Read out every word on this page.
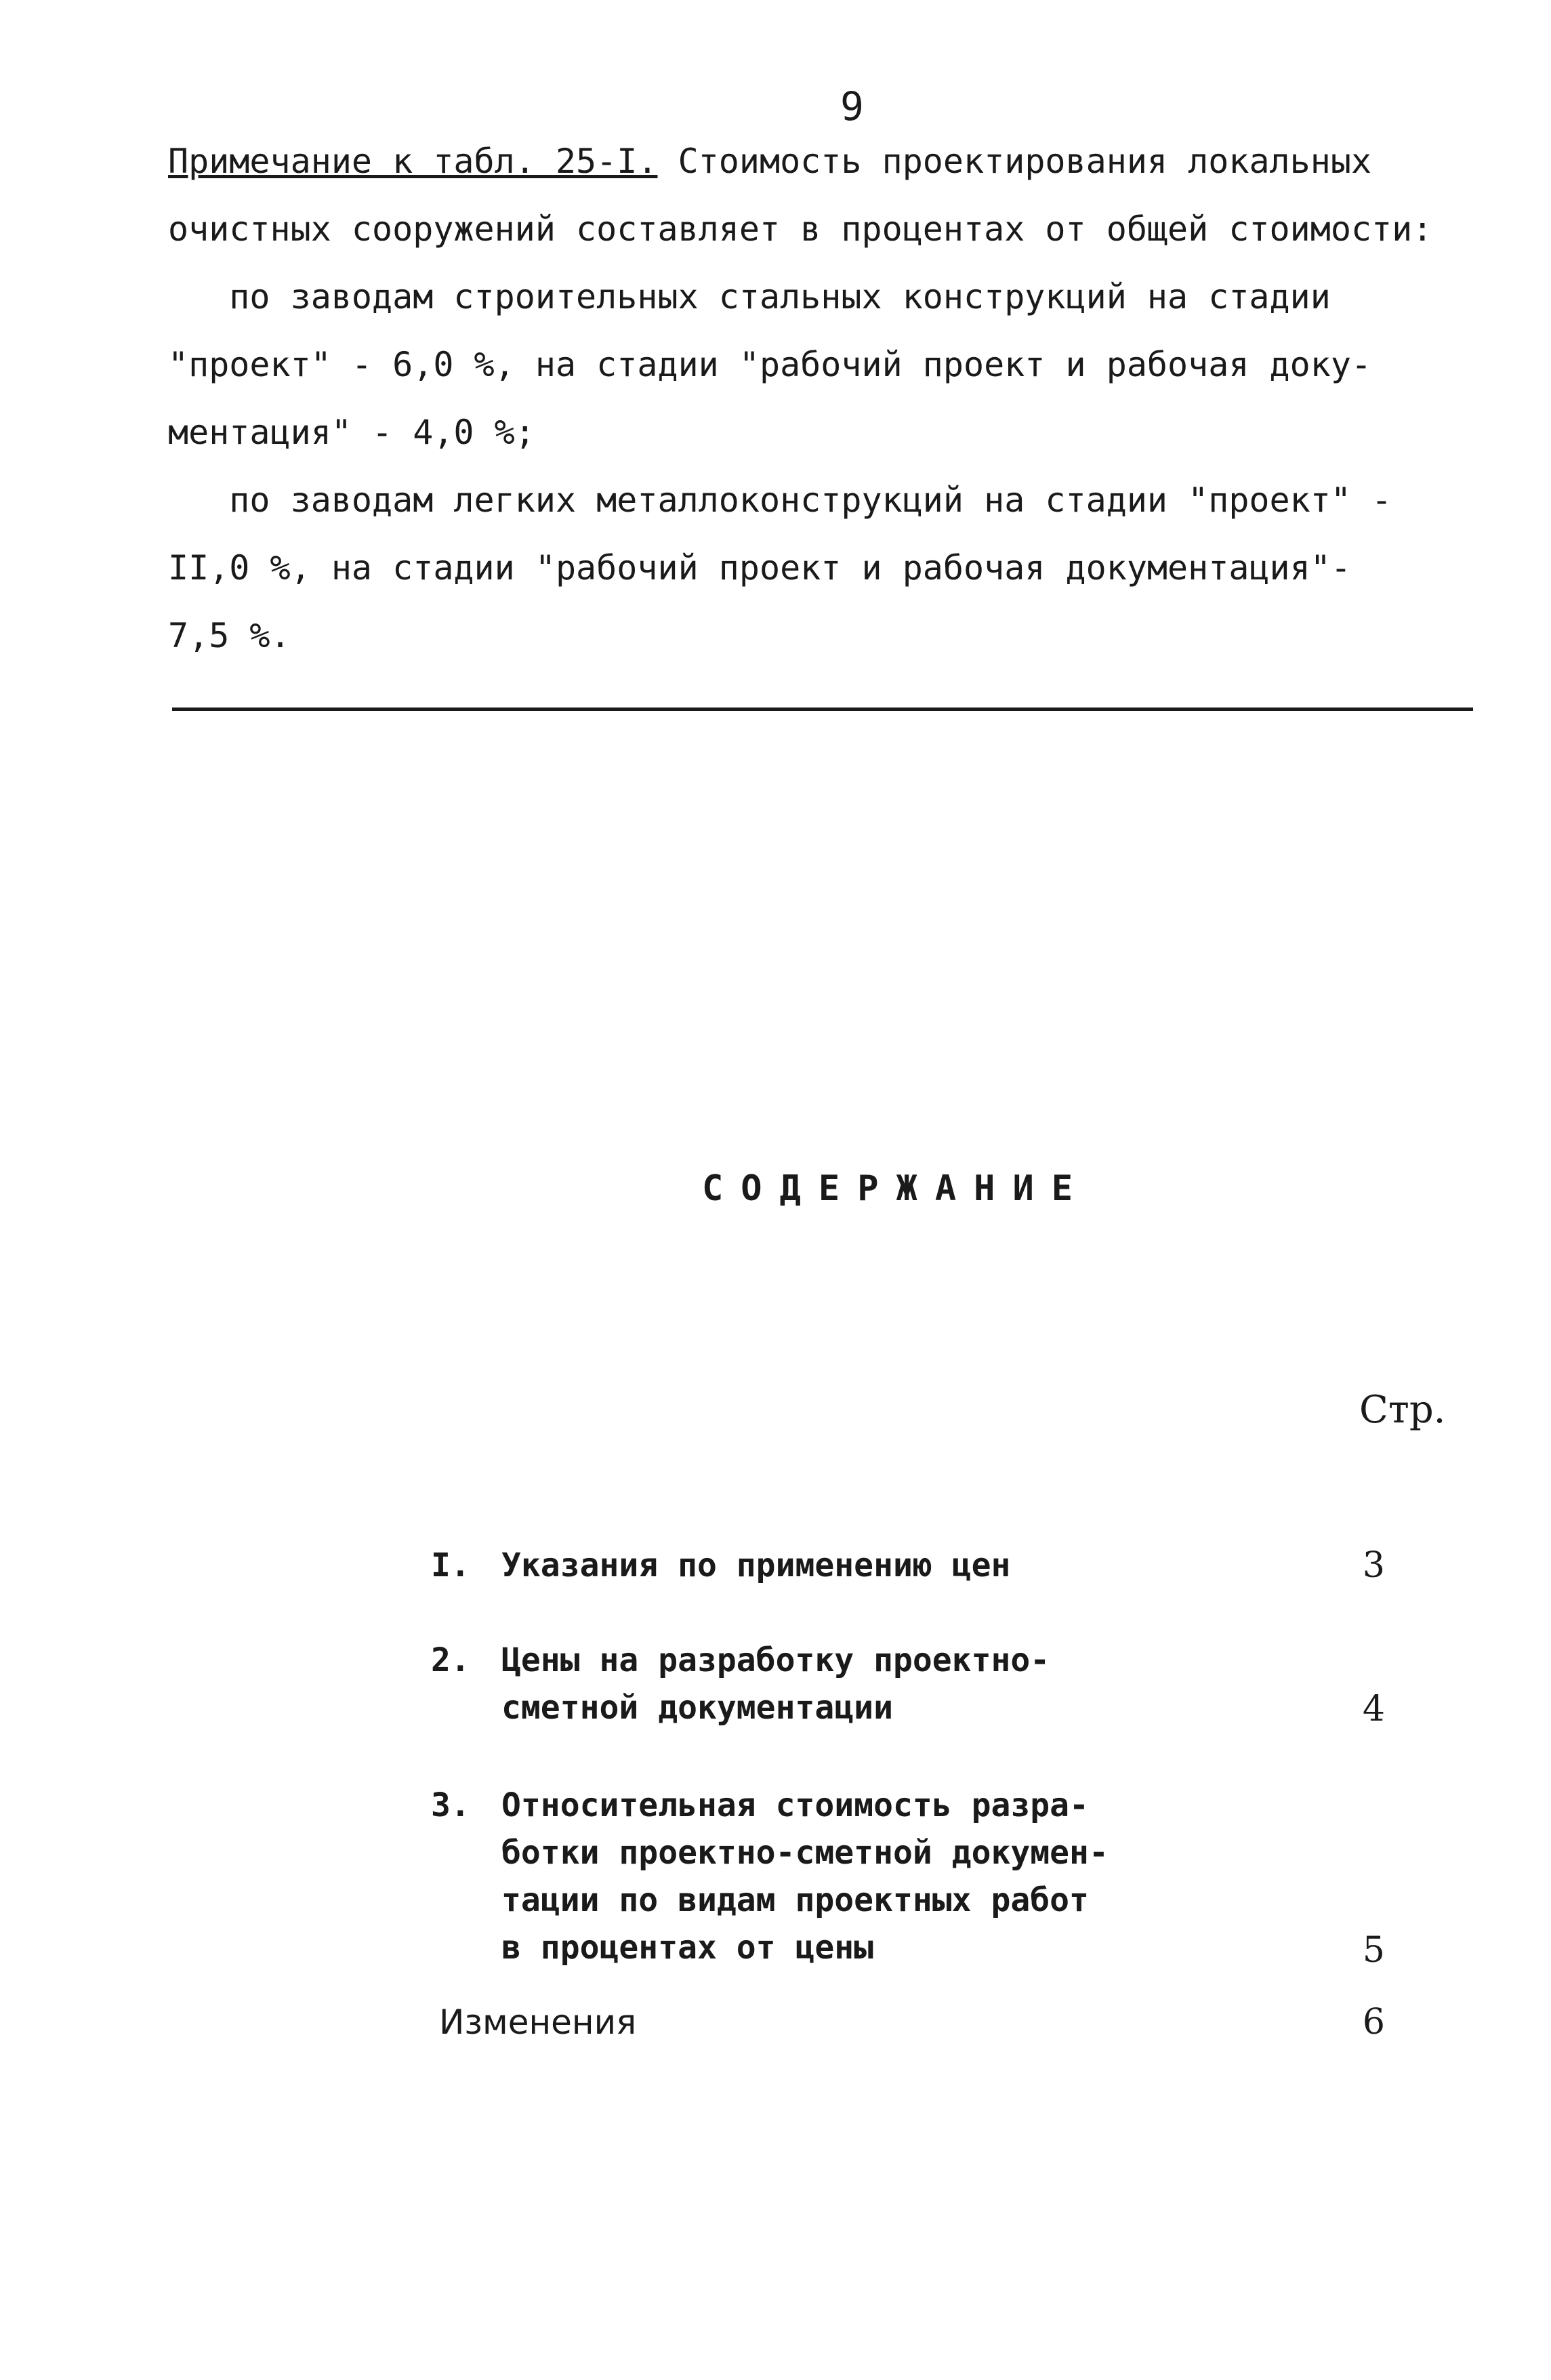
9
Примечание к табл. 25-I. Стоимость проектирования локальных
очистных сооружений составляет в процентах от общей стоимости:
по заводам строительных стальных конструкций на стадии
"проект" - 6,0 %, на стадии "рабочий проект и рабочая доку-
ментация" - 4,0 %;
по заводам легких металлоконструкций на стадии "проект" -
II,0 %, на стадии "рабочий проект и рабочая документация"-
7,5 %.
СОДЕРЖАНИЕ
Стр.
I. Указания по применению цен	3
2. Цены на разработку проектно-
сметной документации	4
3. Относительная стоимость разра-
ботки проектно-сметной докумен-
тации по видам проектных работ
в процентах от цены	5
Изменения	6
